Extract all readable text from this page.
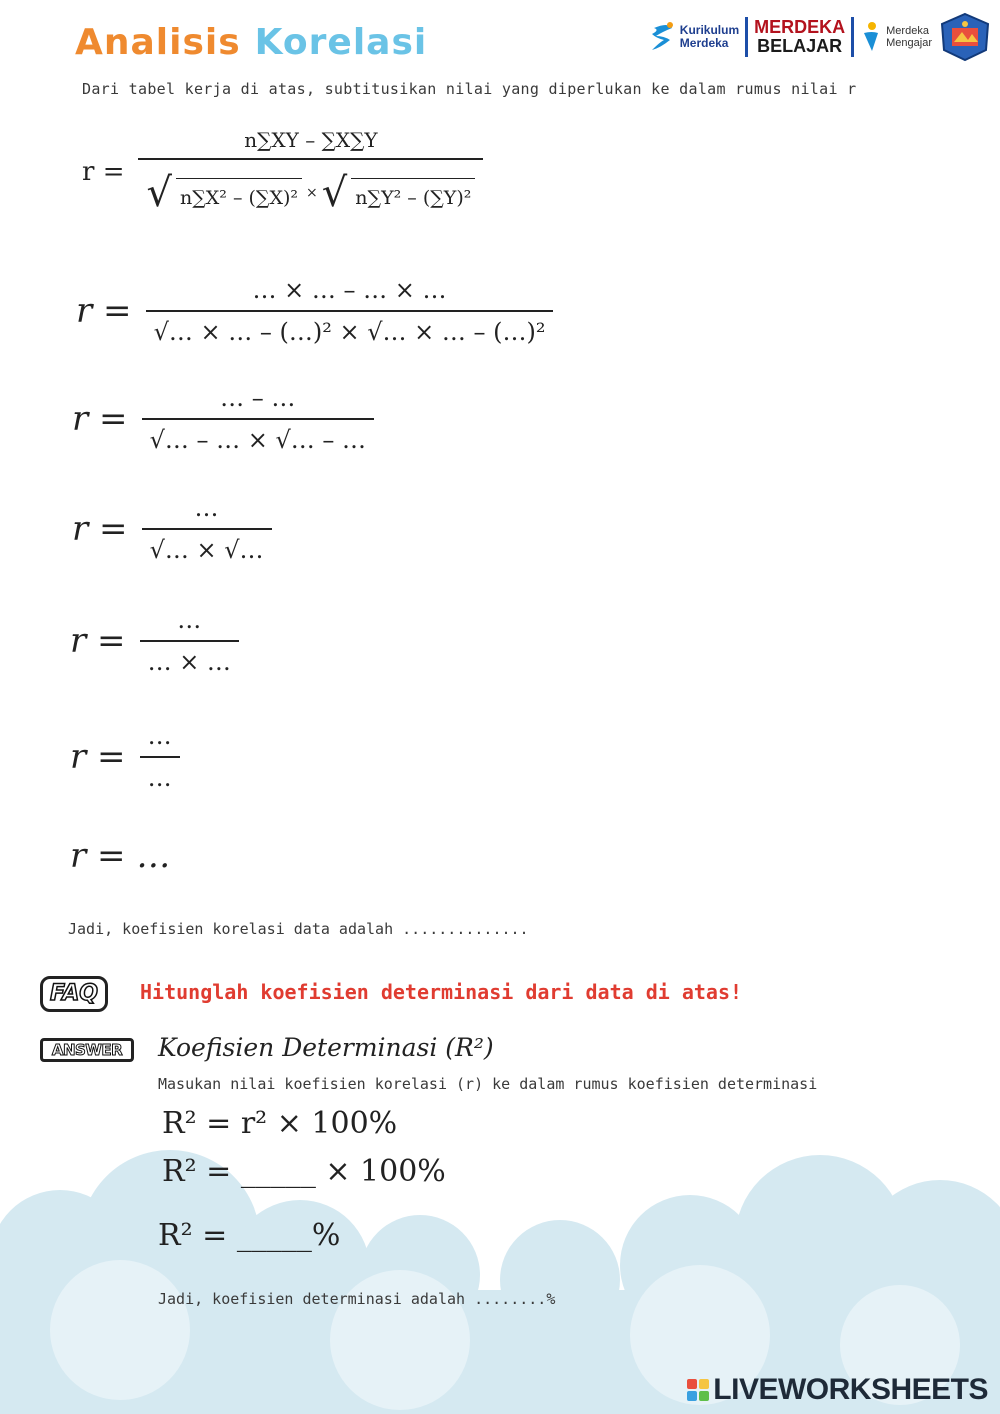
Analisis Korelasi	Kurikulum
Merdeka
MERDEKA
BELAJAR
Merdeka
Mengajar
Dari tabel kerja di atas, subtitusikan nilai yang diperlukan ke dalam rumus nilai r
$r = \frac{n\sum XY - \sum X\sum Y}{\text{√ n∑X² – (∑X)² × √ n∑Y² – (∑Y)²}}$
$r = \frac{\dots \times \dots - \dots \times \dots}{\text{√… × … – (…)² × √… × … – (…)²}}$
$r = \frac{\dots - \dots}{√\dots - \dots \times √\dots - \dots}$
$r = \frac{\dots}{√\dots \times √\dots}$
$r = \frac{\dots}{\dots \times \dots}$
$r = \frac{\dots}{\dots}$
r = …
Jadi, koefisien korelasi data adalah ..............
FAQ	Hitunglah koefisien determinasi dari data di atas!
ANSWER	Koefisien Determinasi (R²)
Masukan nilai koefisien korelasi (r) ke dalam rumus koefisien determinasi
R² = r² × 100%
R² = _____ × 100%
R² = _____%
Jadi, koefisien determinasi adalah ........%
LIVEWORKSHEETS
